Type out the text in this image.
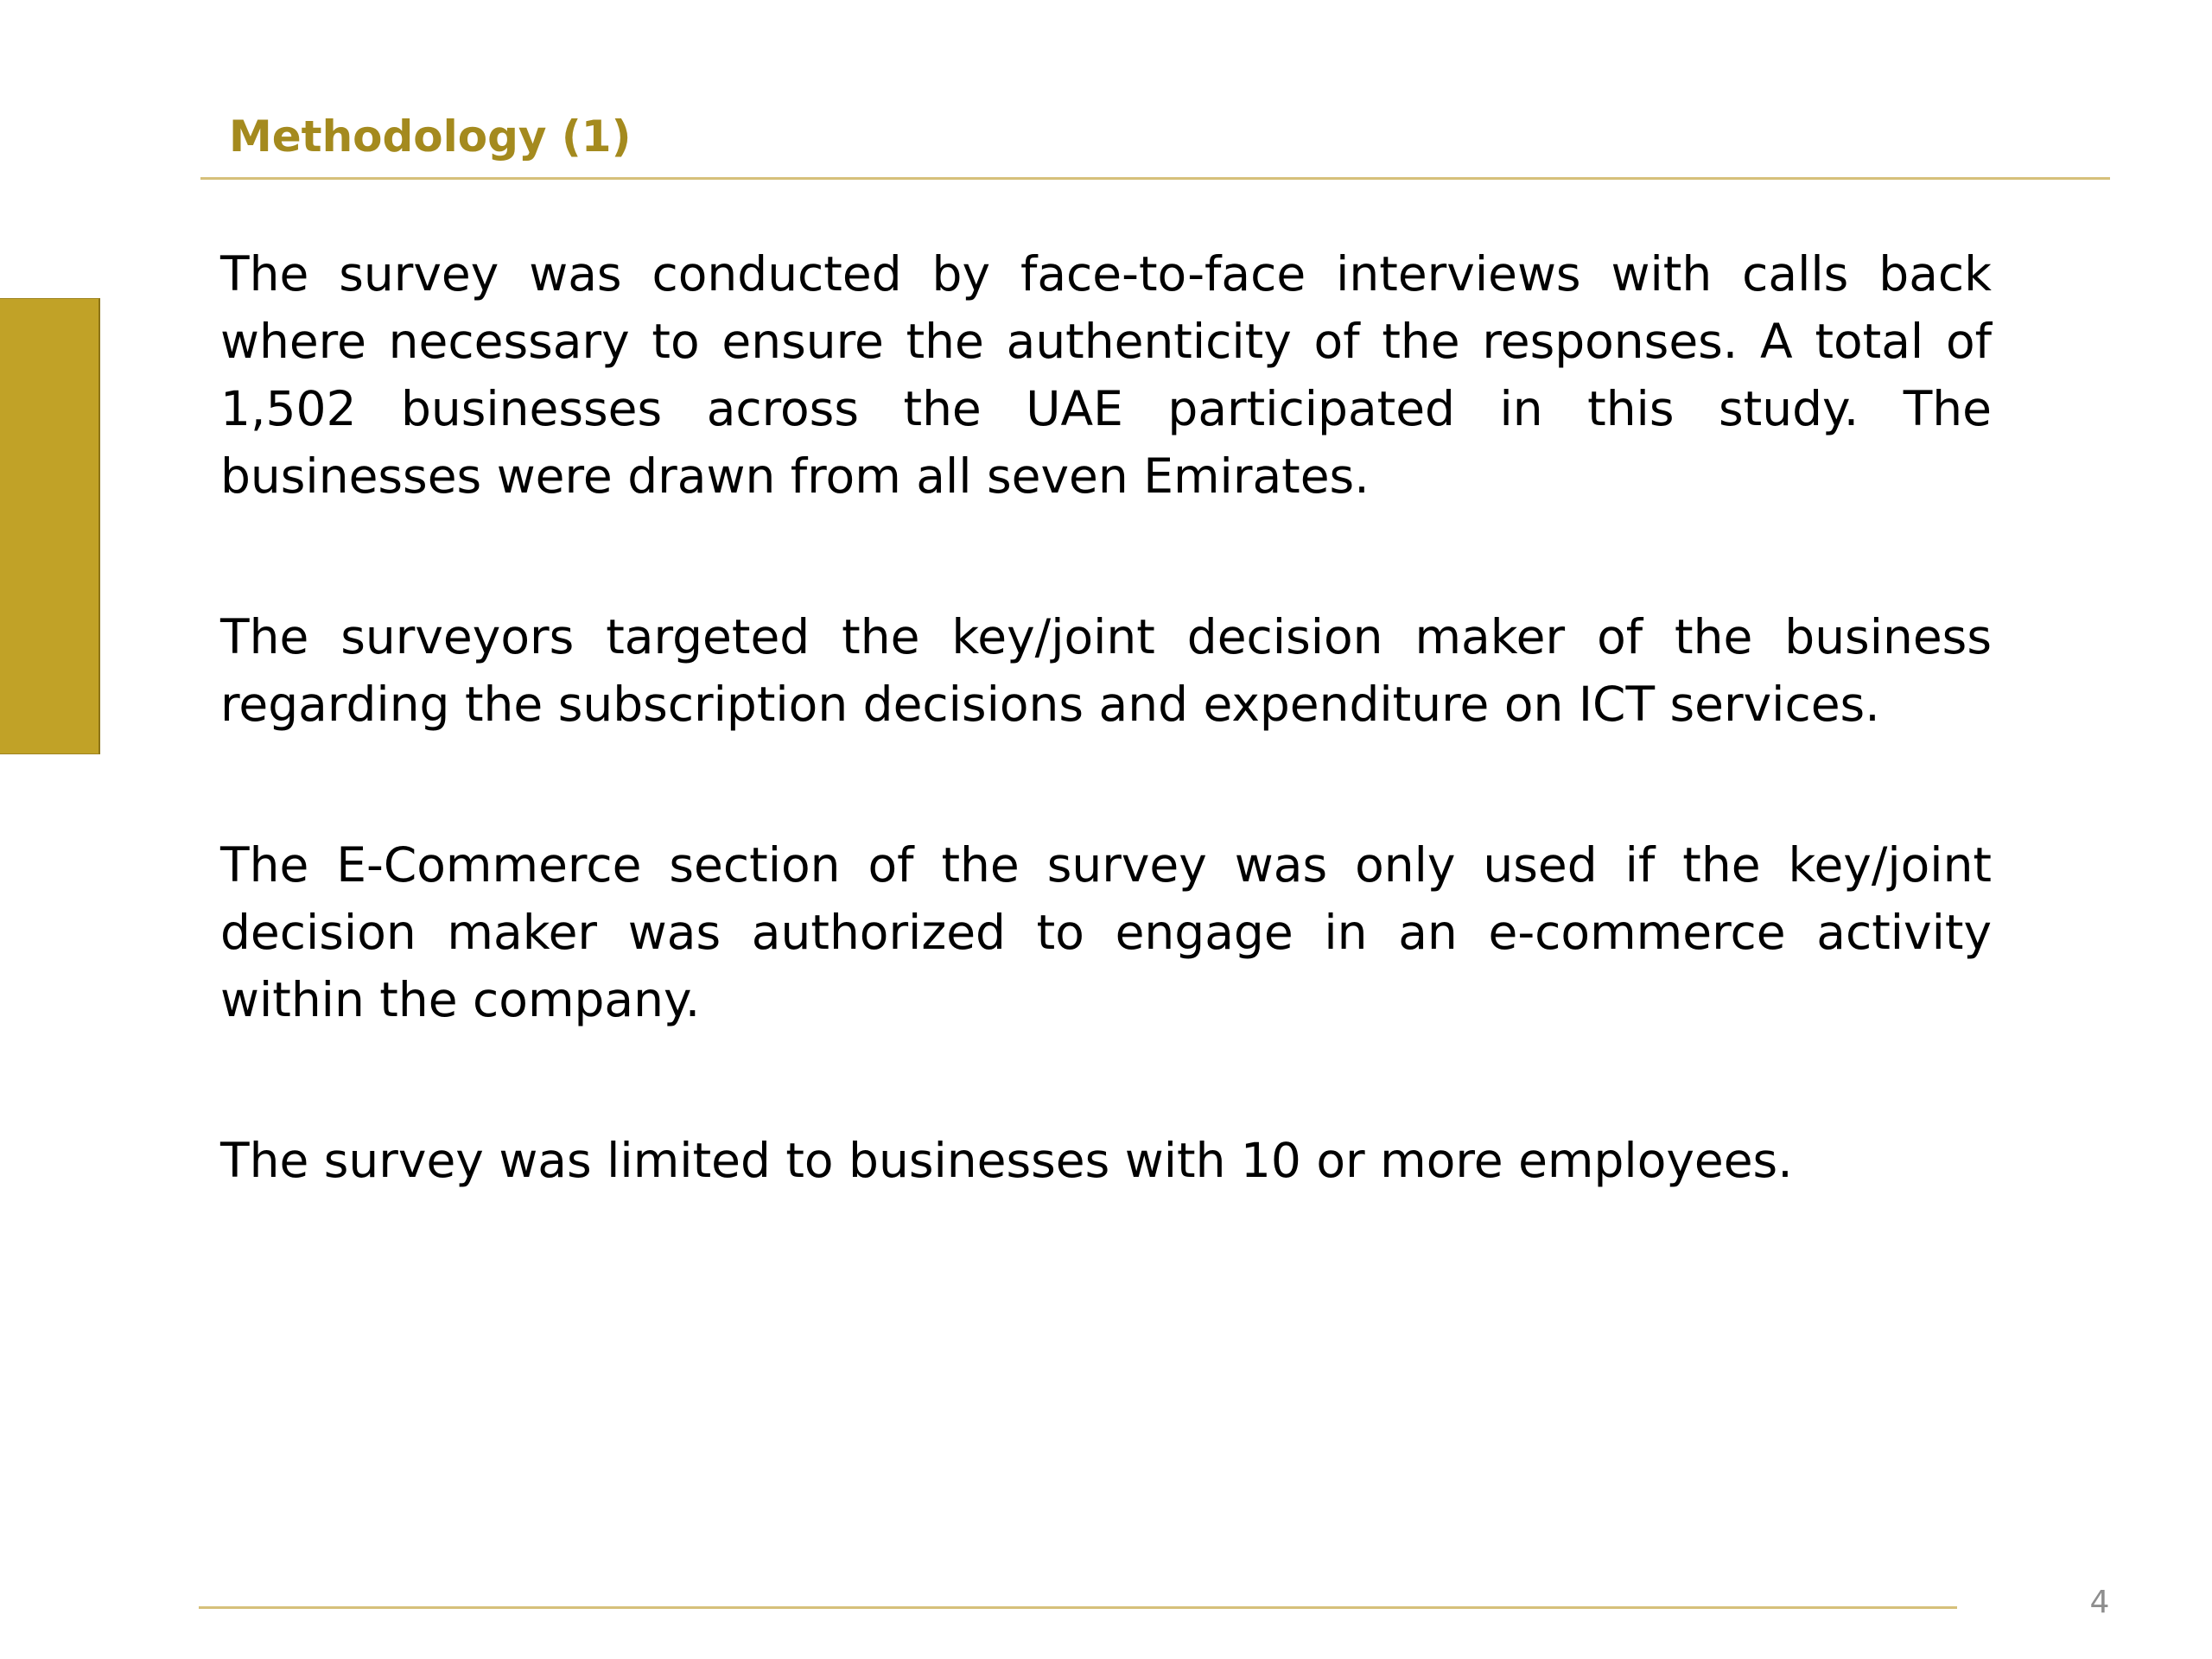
Methodology (1)

The survey was conducted by face-to-face interviews with calls back where necessary to ensure the authenticity of the responses. A total of 1,502 businesses across the UAE participated in this study. The businesses were drawn from all seven Emirates.

The surveyors targeted the key/joint decision maker of the business regarding the subscription decisions and expenditure on ICT services.

The E-Commerce section of the survey was only used if the key/joint decision maker was authorized to engage in an e-commerce activity within the company.

The survey was limited to businesses with 10 or more employees.

4
